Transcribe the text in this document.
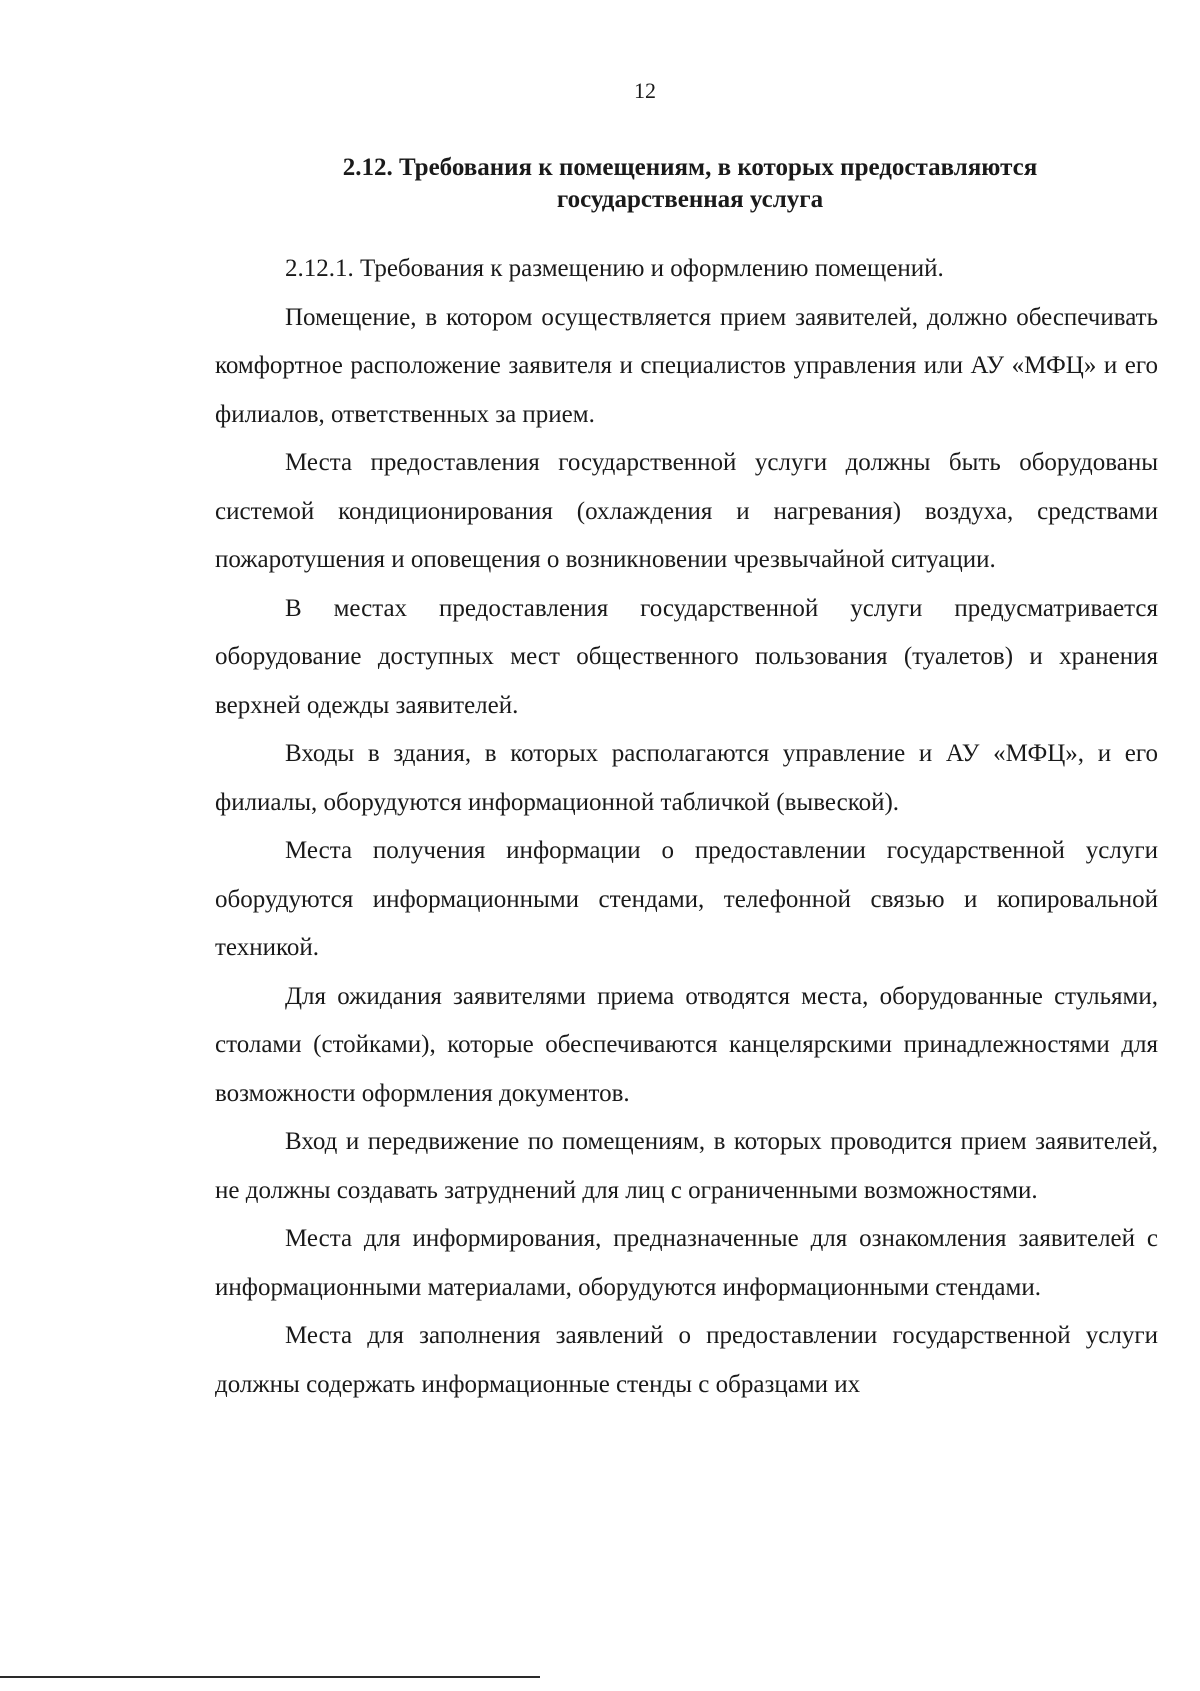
12
2.12. Требования к помещениям, в которых предоставляются
государственная услуга

2.12.1. Требования к размещению и оформлению помещений.

Помещение, в котором осуществляется прием заявителей, должно обеспечивать комфортное расположение заявителя и специалистов управления или АУ «МФЦ» и его филиалов, ответственных за прием.

Места предоставления государственной услуги должны быть оборудованы системой кондиционирования (охлаждения и нагревания) воздуха, средствами пожаротушения и оповещения о возникновении чрезвычайной ситуации.

В местах предоставления государственной услуги предусматривается оборудование доступных мест общественного пользования (туалетов) и хранения верхней одежды заявителей.

Входы в здания, в которых располагаются управление и АУ «МФЦ», и его филиалы, оборудуются информационной табличкой (вывеской).

Места получения информации о предоставлении государственной услуги оборудуются информационными стендами, телефонной связью и копировальной техникой.

Для ожидания заявителями приема отводятся места, оборудованные стульями, столами (стойками), которые обеспечиваются канцелярскими принадлежностями для возможности оформления документов.

Вход и передвижение по помещениям, в которых проводится прием заявителей, не должны создавать затруднений для лиц с ограниченными возможностями.

Места для информирования, предназначенные для ознакомления заявителей с информационными материалами, оборудуются информационными стендами.

Места для заполнения заявлений о предоставлении государственной услуги должны содержать информационные стенды с образцами их
